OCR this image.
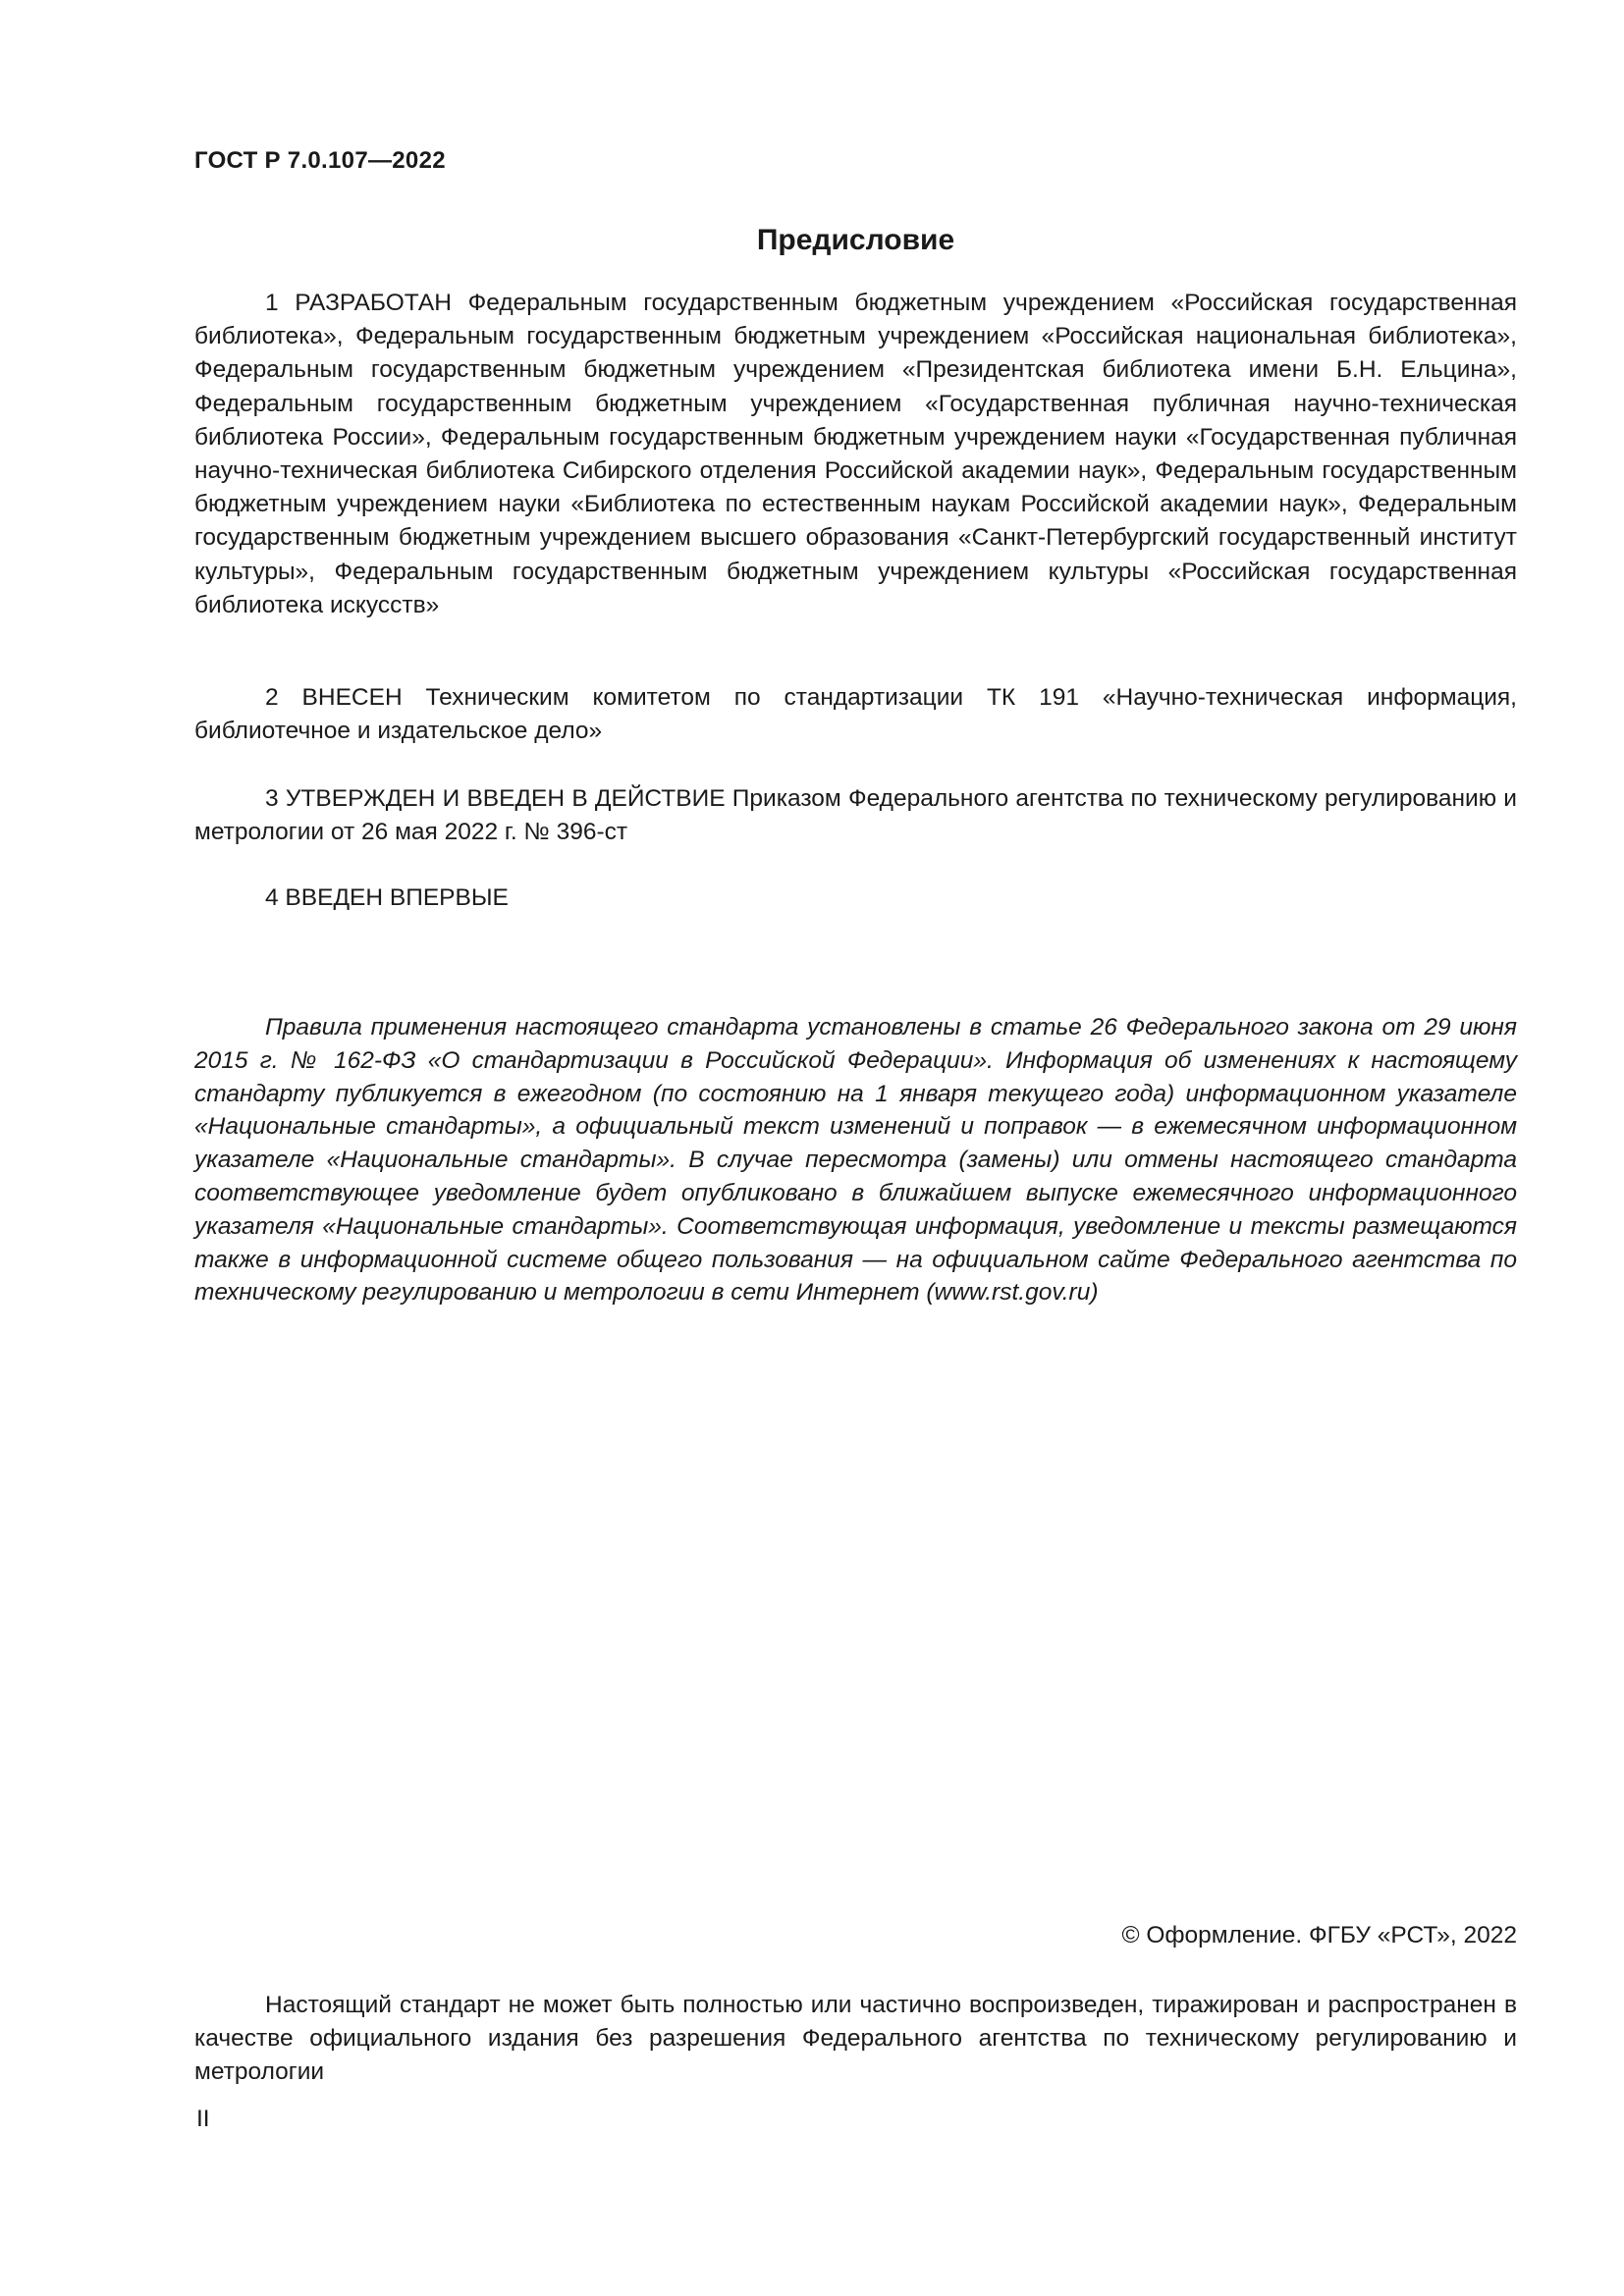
ГОСТ Р 7.0.107—2022

Предисловие

1 РАЗРАБОТАН Федеральным государственным бюджетным учреждением «Российская государственная библиотека», Федеральным государственным бюджетным учреждением «Российская национальная библиотека», Федеральным государственным бюджетным учреждением «Президентская библиотека имени Б.Н. Ельцина», Федеральным государственным бюджетным учреждением «Государственная публичная научно-техническая библиотека России», Федеральным государственным бюджетным учреждением науки «Государственная публичная научно-техническая библиотека Сибирского отделения Российской академии наук», Федеральным государственным бюджетным учреждением науки «Библиотека по естественным наукам Российской академии наук», Федеральным государственным бюджетным учреждением высшего образования «Санкт-Петербургский государственный институт культуры», Федеральным государственным бюджетным учреждением культуры «Российская государственная библиотека искусств»

2 ВНЕСЕН Техническим комитетом по стандартизации ТК 191 «Научно-техническая информация, библиотечное и издательское дело»

3 УТВЕРЖДЕН И ВВЕДЕН В ДЕЙСТВИЕ Приказом Федерального агентства по техническому регулированию и метрологии от 26 мая 2022 г. № 396-ст

4 ВВЕДЕН ВПЕРВЫЕ

Правила применения настоящего стандарта установлены в статье 26 Федерального закона от 29 июня 2015 г. № 162-ФЗ «О стандартизации в Российской Федерации». Информация об изменениях к настоящему стандарту публикуется в ежегодном (по состоянию на 1 января текущего года) информационном указателе «Национальные стандарты», а официальный текст изменений и поправок — в ежемесячном информационном указателе «Национальные стандарты». В случае пересмотра (замены) или отмены настоящего стандарта соответствующее уведомление будет опубликовано в ближайшем выпуске ежемесячного информационного указателя «Национальные стандарты». Соответствующая информация, уведомление и тексты размещаются также в информационной системе общего пользования — на официальном сайте Федерального агентства по техническому регулированию и метрологии в сети Интернет (www.rst.gov.ru)

© Оформление. ФГБУ «РСТ», 2022

Настоящий стандарт не может быть полностью или частично воспроизведен, тиражирован и распространен в качестве официального издания без разрешения Федерального агентства по техническому регулированию и метрологии

II
